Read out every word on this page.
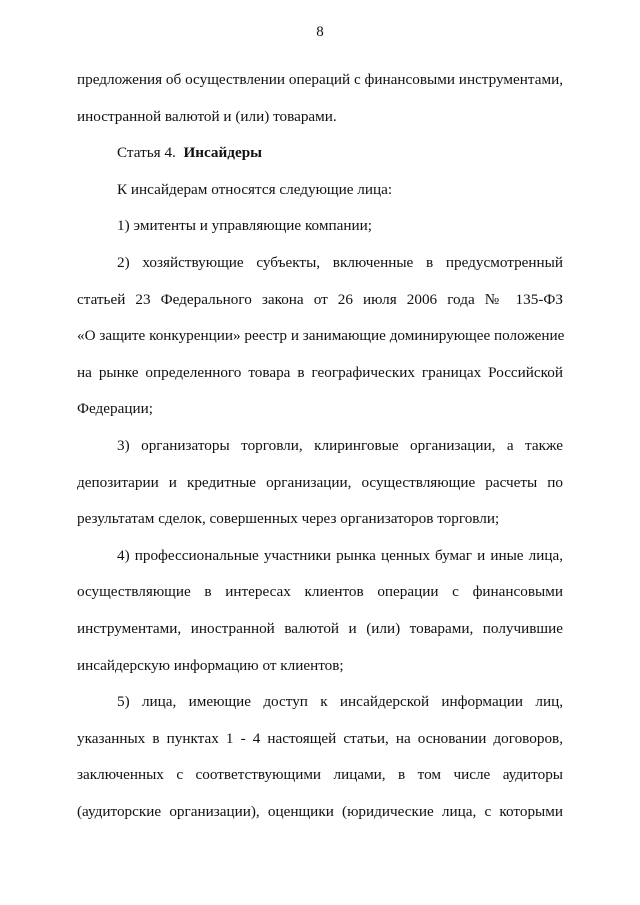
8
предложения об осуществлении операций с финансовыми инструментами,
иностранной валютой и (или) товарами.
Статья 4. Инсайдеры
К инсайдерам относятся следующие лица:
1) эмитенты и управляющие компании;
2) хозяйствующие субъекты, включенные в предусмотренный
статьей 23 Федерального закона от 26 июля 2006 года № 135-ФЗ
«О защите конкуренции» реестр и занимающие доминирующее положение
на рынке определенного товара в географических границах Российской
Федерации;
3) организаторы торговли, клиринговые организации, а также
депозитарии и кредитные организации, осуществляющие расчеты по
результатам сделок, совершенных через организаторов торговли;
4) профессиональные участники рынка ценных бумаг и иные лица,
осуществляющие в интересах клиентов операции с финансовыми
инструментами, иностранной валютой и (или) товарами, получившие
инсайдерскую информацию от клиентов;
5) лица, имеющие доступ к инсайдерской информации лиц,
указанных в пунктах 1 - 4 настоящей статьи, на основании договоров,
заключенных с соответствующими лицами, в том числе аудиторы
(аудиторские организации), оценщики (юридические лица, с которыми
